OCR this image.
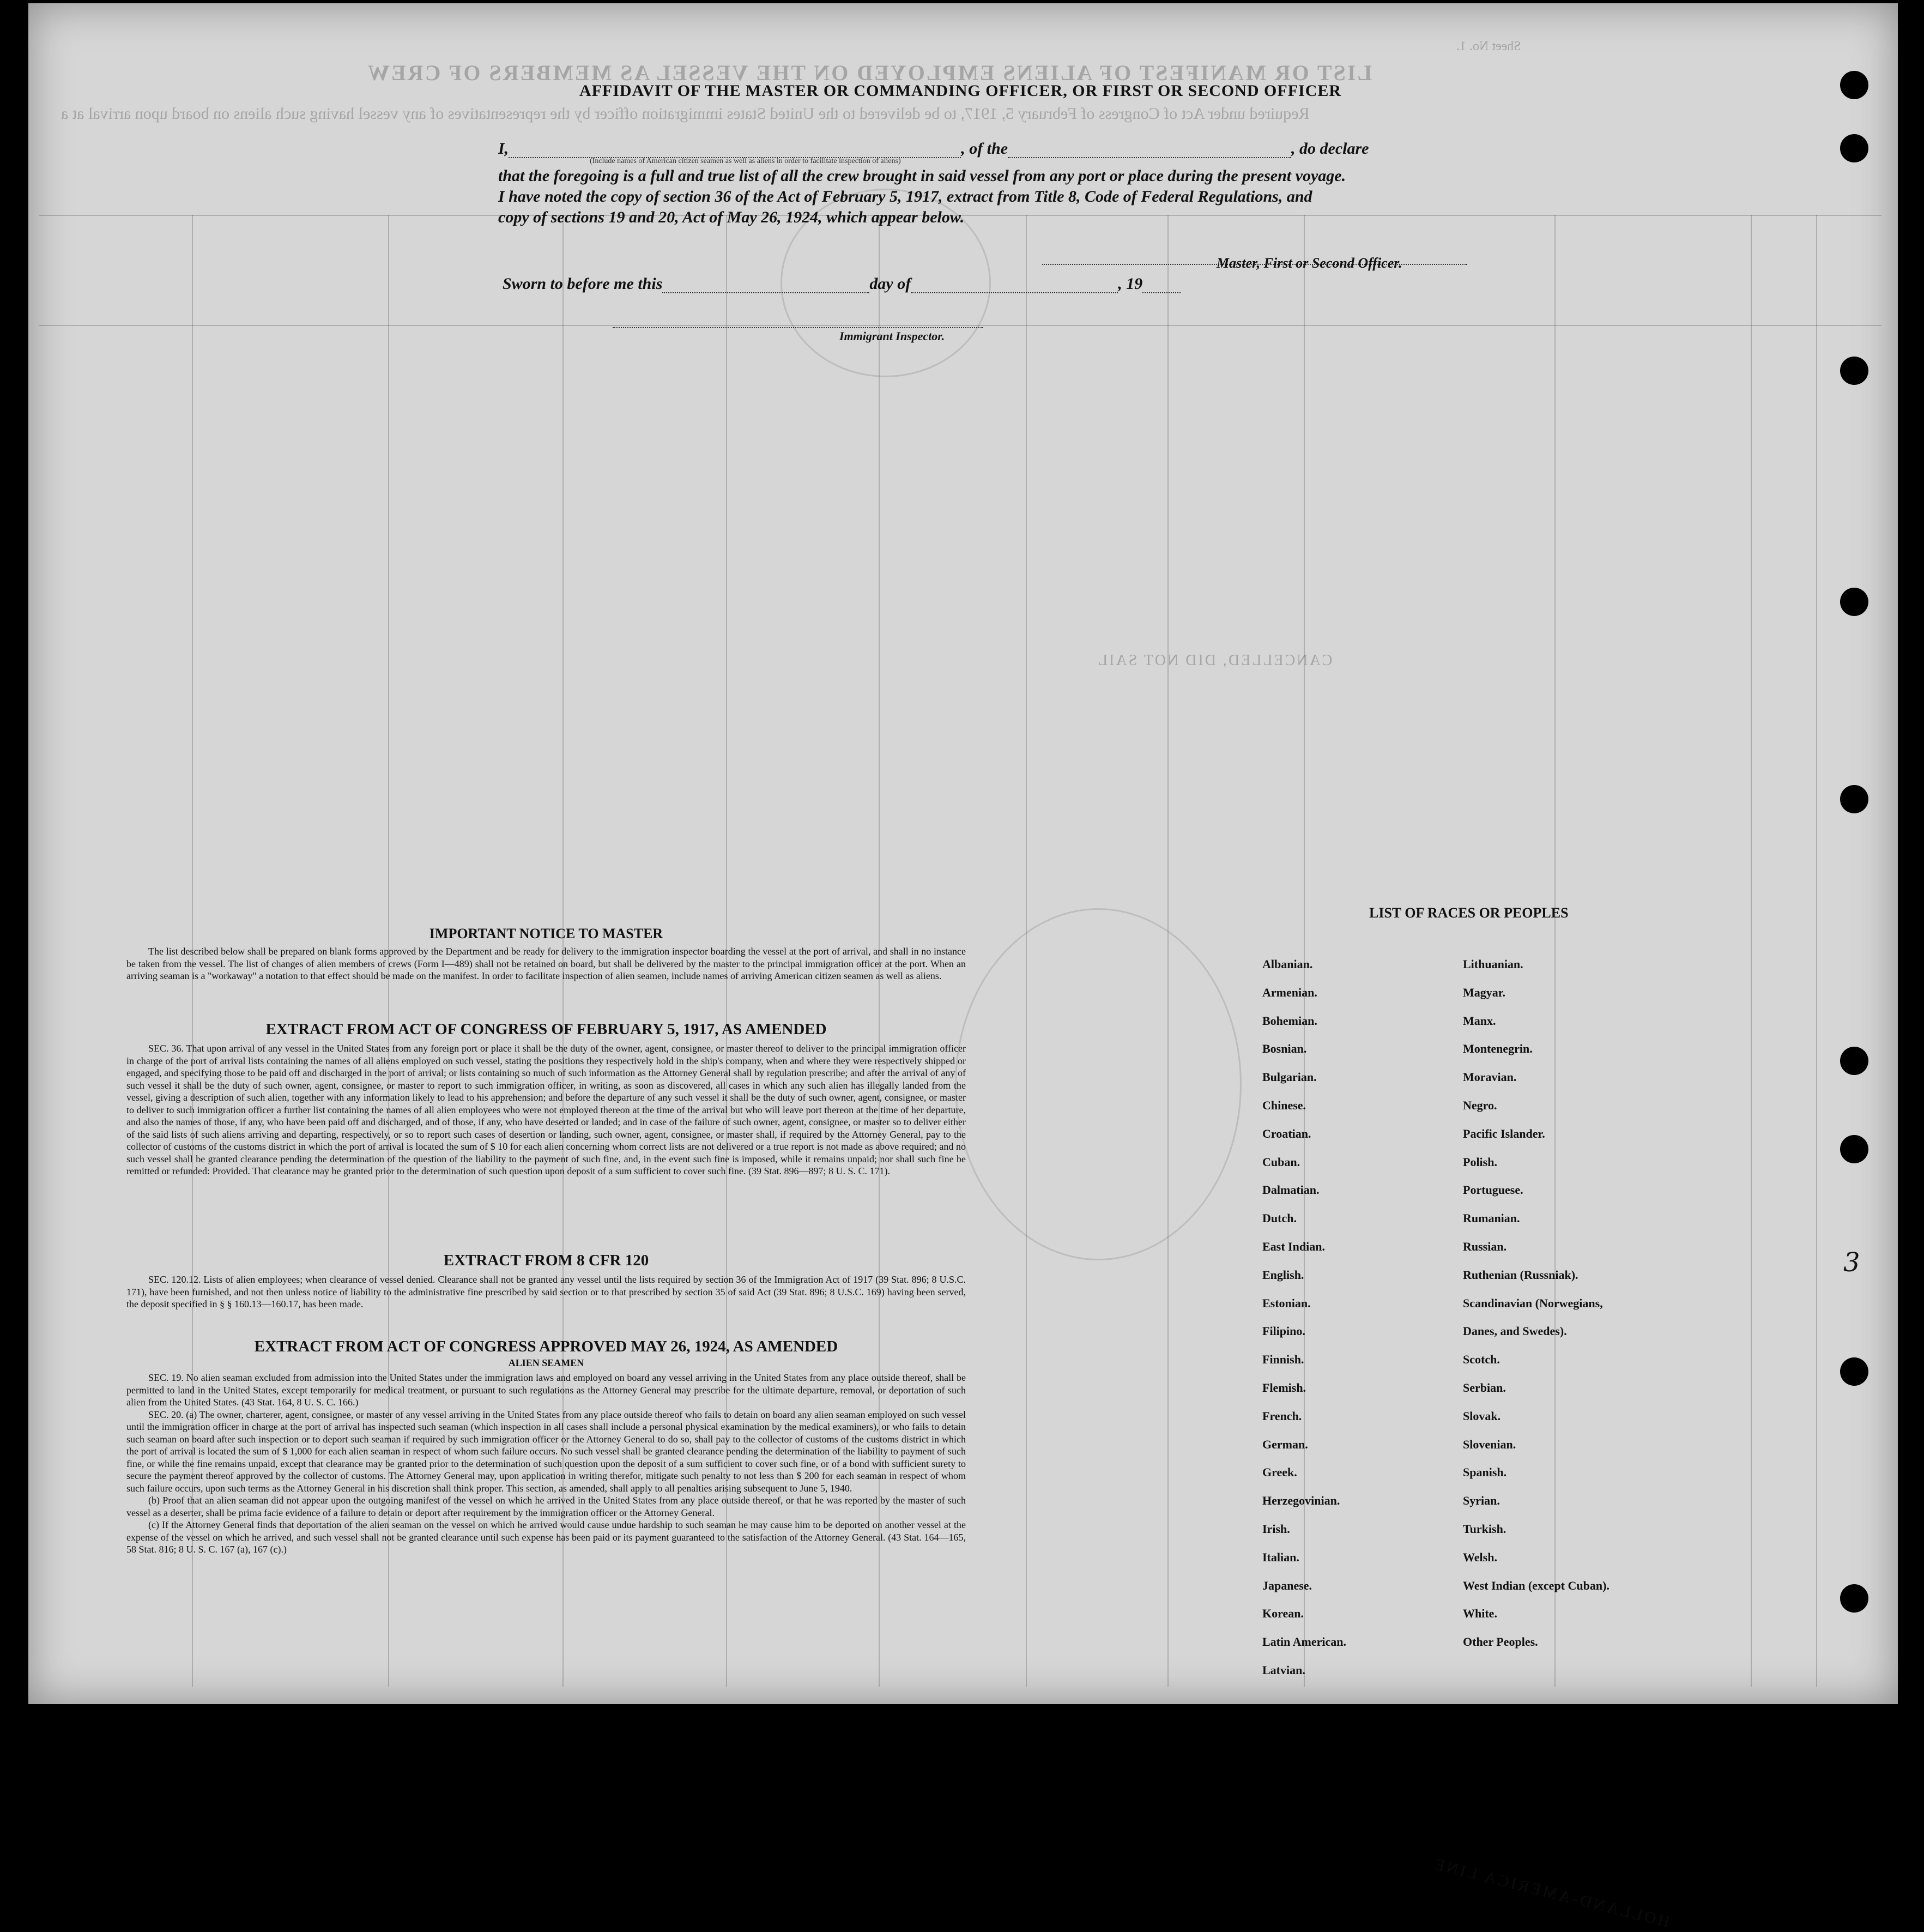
LIST OR MANIFEST OF ALIENS EMPLOYED ON THE VESSEL AS MEMBERS OF CREW
Required under Act of Congress of February 5, 1917, to be delivered to the United States immigration officer by the representatives of any vessel having such aliens on board upon arrival at a
Sheet No. 1.
CANCELLED, DID NOT SAIL
HOLLAND-AMERICA LINE
AFFIDAVIT OF THE MASTER OR COMMANDING OFFICER, OR FIRST OR SECOND OFFICER
I,	, of the	, do declare
(Include names of American citizen seamen as well as aliens in order to facilitate inspection of aliens)
that the foregoing is a full and true list of all the crew brought in said vessel from any port or place during the present voyage.
I have noted the copy of section 36 of the Act of February 5, 1917, extract from Title 8, Code of Federal Regulations, and
copy of sections 19 and 20, Act of May 26, 1924, which appear below.
Master, First or Second Officer.
Sworn to before me this	day of	, 19
Immigrant Inspector.
IMPORTANT NOTICE TO MASTER

The list described below shall be prepared on blank forms approved by the Department and be ready for delivery to the immigration inspector boarding the vessel at the port of arrival, and shall in no instance be taken from the vessel. The list of changes of alien members of crews (Form I—489) shall not be retained on board, but shall be delivered by the master to the principal immigration officer at the port. When an arriving seaman is a "workaway" a notation to that effect should be made on the manifest. In order to facilitate inspection of alien seamen, include names of arriving American citizen seamen as well as aliens.

EXTRACT FROM ACT OF CONGRESS OF FEBRUARY 5, 1917, AS AMENDED

SEC. 36. That upon arrival of any vessel in the United States from any foreign port or place it shall be the duty of the owner, agent, consignee, or master thereof to deliver to the principal immigration officer in charge of the port of arrival lists containing the names of all aliens employed on such vessel, stating the positions they respectively hold in the ship's company, when and where they were respectively shipped or engaged, and specifying those to be paid off and discharged in the port of arrival; or lists containing so much of such information as the Attorney General shall by regulation prescribe; and after the arrival of any of such vessel it shall be the duty of such owner, agent, consignee, or master to report to such immigration officer, in writing, as soon as discovered, all cases in which any such alien has illegally landed from the vessel, giving a description of such alien, together with any information likely to lead to his apprehension; and before the departure of any such vessel it shall be the duty of such owner, agent, consignee, or master to deliver to such immigration officer a further list containing the names of all alien employees who were not employed thereon at the time of the arrival but who will leave port thereon at the time of her departure, and also the names of those, if any, who have been paid off and discharged, and of those, if any, who have deserted or landed; and in case of the failure of such owner, agent, consignee, or master so to deliver either of the said lists of such aliens arriving and departing, respectively, or so to report such cases of desertion or landing, such owner, agent, consignee, or master shall, if required by the Attorney General, pay to the collector of customs of the customs district in which the port of arrival is located the sum of $ 10 for each alien concerning whom correct lists are not delivered or a true report is not made as above required; and no such vessel shall be granted clearance pending the determination of the question of the liability to the payment of such fine, and, in the event such fine is imposed, while it remains unpaid; nor shall such fine be remitted or refunded: Provided. That clearance may be granted prior to the determination of such question upon deposit of a sum sufficient to cover such fine. (39 Stat. 896—897; 8 U. S. C. 171).

EXTRACT FROM 8 CFR 120

SEC. 120.12. Lists of alien employees; when clearance of vessel denied. Clearance shall not be granted any vessel until the lists required by section 36 of the Immigration Act of 1917 (39 Stat. 896; 8 U.S.C. 171), have been furnished, and not then unless notice of liability to the administrative fine prescribed by said section or to that prescribed by section 35 of said Act (39 Stat. 896; 8 U.S.C. 169) having been served, the deposit specified in § § 160.13—160.17, has been made.

EXTRACT FROM ACT OF CONGRESS APPROVED MAY 26, 1924, AS AMENDED
ALIEN SEAMEN

SEC. 19. No alien seaman excluded from admission into the United States under the immigration laws and employed on board any vessel arriving in the United States from any place outside thereof, shall be permitted to land in the United States, except temporarily for medical treatment, or pursuant to such regulations as the Attorney General may prescribe for the ultimate departure, removal, or deportation of such alien from the United States. (43 Stat. 164, 8 U. S. C. 166.)

SEC. 20. (a) The owner, charterer, agent, consignee, or master of any vessel arriving in the United States from any place outside thereof who fails to detain on board any alien seaman employed on such vessel until the immigration officer in charge at the port of arrival has inspected such seaman (which inspection in all cases shall include a personal physical examination by the medical examiners), or who fails to detain such seaman on board after such inspection or to deport such seaman if required by such immigration officer or the Attorney General to do so, shall pay to the collector of customs of the customs district in which the port of arrival is located the sum of $ 1,000 for each alien seaman in respect of whom such failure occurs. No such vessel shall be granted clearance pending the determination of the liability to payment of such fine, or while the fine remains unpaid, except that clearance may be granted prior to the determination of such question upon the deposit of a sum sufficient to cover such fine, or of a bond with sufficient surety to secure the payment thereof approved by the collector of customs. The Attorney General may, upon application in writing therefor, mitigate such penalty to not less than $ 200 for each seaman in respect of whom such failure occurs, upon such terms as the Attorney General in his discretion shall think proper. This section, as amended, shall apply to all penalties arising subsequent to June 5, 1940.

(b) Proof that an alien seaman did not appear upon the outgoing manifest of the vessel on which he arrived in the United States from any place outside thereof, or that he was reported by the master of such vessel as a deserter, shall be prima facie evidence of a failure to detain or deport after requirement by the immigration officer or the Attorney General.

(c) If the Attorney General finds that deportation of the alien seaman on the vessel on which he arrived would cause undue hardship to such seaman he may cause him to be deported on another vessel at the expense of the vessel on which he arrived, and such vessel shall not be granted clearance until such expense has been paid or its payment guaranteed to the satisfaction of the Attorney General. (43 Stat. 164—165, 58 Stat. 816; 8 U. S. C. 167 (a), 167 (c).)

LIST OF RACES OR PEOPLES
Albanian.
Armenian.
Bohemian.
Bosnian.
Bulgarian.
Chinese.
Croatian.
Cuban.
Dalmatian.
Dutch.
East Indian.
English.
Estonian.
Filipino.
Finnish.
Flemish.
French.
German.
Greek.
Herzegovinian.
Irish.
Italian.
Japanese.
Korean.
Latin American.
Latvian.
Lithuanian.
Magyar.
Manx.
Montenegrin.
Moravian.
Negro.
Pacific Islander.
Polish.
Portuguese.
Rumanian.
Russian.
Ruthenian (Russniak).
Scandinavian (Norwegians,
Danes, and Swedes).
Scotch.
Serbian.
Slovak.
Slovenian.
Spanish.
Syrian.
Turkish.
Welsh.
West Indian (except Cuban).
White.
Other Peoples.
3
